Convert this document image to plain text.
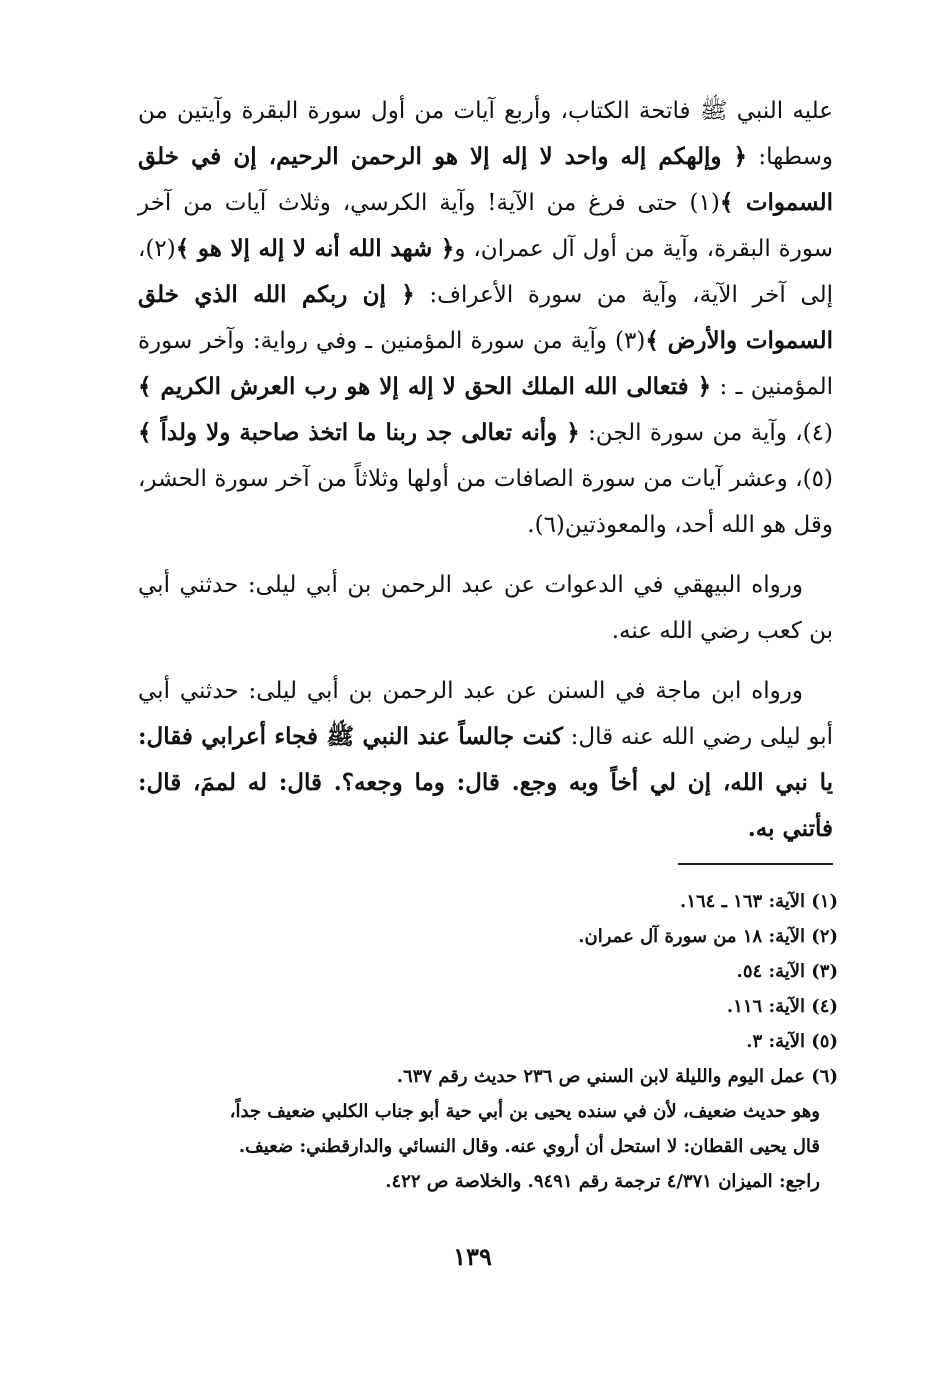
عليه النبي ﷺ فاتحة الكتاب، وأربع آيات من أول سورة البقرة وآيتين من وسطها: ﴿ وإلهكم إله واحد لا إله إلا هو الرحمن الرحيم، إن في خلق السموات ﴾(١) حتى فرغ من الآية! وآية الكرسي، وثلاث آيات من آخر سورة البقرة، وآية من أول آل عمران، و﴿ شهد الله أنه لا إله إلا هو ﴾(٢)، إلى آخر الآية، وآية من سورة الأعراف: ﴿ إن ربكم الله الذي خلق السموات والأرض ﴾(٣) وآية من سورة المؤمنين ـ وفي رواية: وآخر سورة المؤمنين ـ : ﴿ فتعالى الله الملك الحق لا إله إلا هو رب العرش الكريم ﴾(٤)، وآية من سورة الجن: ﴿ وأنه تعالى جد ربنا ما اتخذ صاحبة ولا ولداً ﴾(٥)، وعشر آيات من سورة الصافات من أولها وثلاثاً من آخر سورة الحشر، وقل هو الله أحد، والمعوذتين(٦).

ورواه البيهقي في الدعوات عن عبد الرحمن بن أبي ليلى: حدثني أبي بن كعب رضي الله عنه.

ورواه ابن ماجة في السنن عن عبد الرحمن بن أبي ليلى: حدثني أبي أبو ليلى رضي الله عنه قال: كنت جالساً عند النبي ﷺ فجاء أعرابي فقال: يا نبي الله، إن لي أخاً وبه وجع. قال: وما وجعه؟. قال: له لممَ، قال: فأتني به.

(١) الآية: ١٦٣ ـ ١٦٤.
(٢) الآية: ١٨ من سورة آل عمران.
(٣) الآية: ٥٤.
(٤) الآية: ١١٦.
(٥) الآية: ٣.
(٦) عمل اليوم والليلة لابن السني ص ٢٣٦ حديث رقم ٦٣٧.
وهو حديث ضعيف، لأن في سنده يحيى بن أبي حية أبو جناب الكلبي ضعيف جداً،
قال يحيى القطان: لا استحل أن أروي عنه. وقال النسائي والدارقطني: ضعيف.
راجع: الميزان ٤/٣٧١ ترجمة رقم ٩٤٩١. والخلاصة ص ٤٢٢.
١٣٩
